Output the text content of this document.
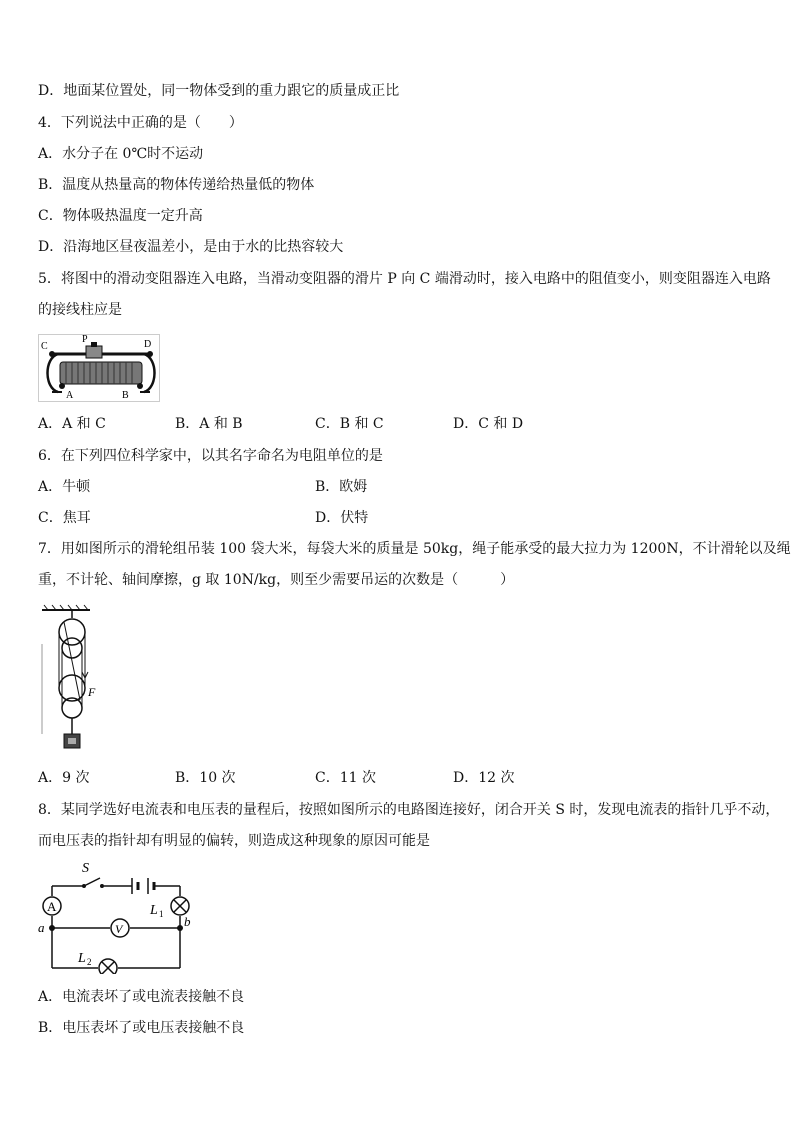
D．地面某位置处，同一物体受到的重力跟它的质量成正比
4．下列说法中正确的是（　　）
A．水分子在 0℃时不运动
B．温度从热量高的物体传递给热量低的物体
C．物体吸热温度一定升高
D．沿海地区昼夜温差小，是由于水的比热容较大
5．将图中的滑动变阻器连入电路，当滑动变阻器的滑片 P 向 C 端滑动时，接入电路中的阻值变小，则变阻器连入电路
的接线柱应是
C
P	D
A	B
A．A 和 C	B．A 和 B	C．B 和 C	D．C 和 D
6．在下列四位科学家中，以其名字命名为电阻单位的是
A．牛顿	B．欧姆
C．焦耳	D．伏特
7．用如图所示的滑轮组吊装 100 袋大米，每袋大米的质量是 50kg，绳子能承受的最大拉力为 1200N，不计滑轮以及绳
重，不计轮、轴间摩擦，g 取 10N/kg，则至少需要吊运的次数是（　　　）
F
A．9 次	B．10 次	C．11 次	D．12 次
8．某同学选好电流表和电压表的量程后，按照如图所示的电路图连接好，闭合开关 S 时，发现电流表的指针几乎不动，
而电压表的指针却有明显的偏转，则造成这种现象的原因可能是
S
A
V
L 1
L 2
a	b
A．电流表坏了或电流表接触不良
B．电压表坏了或电压表接触不良
